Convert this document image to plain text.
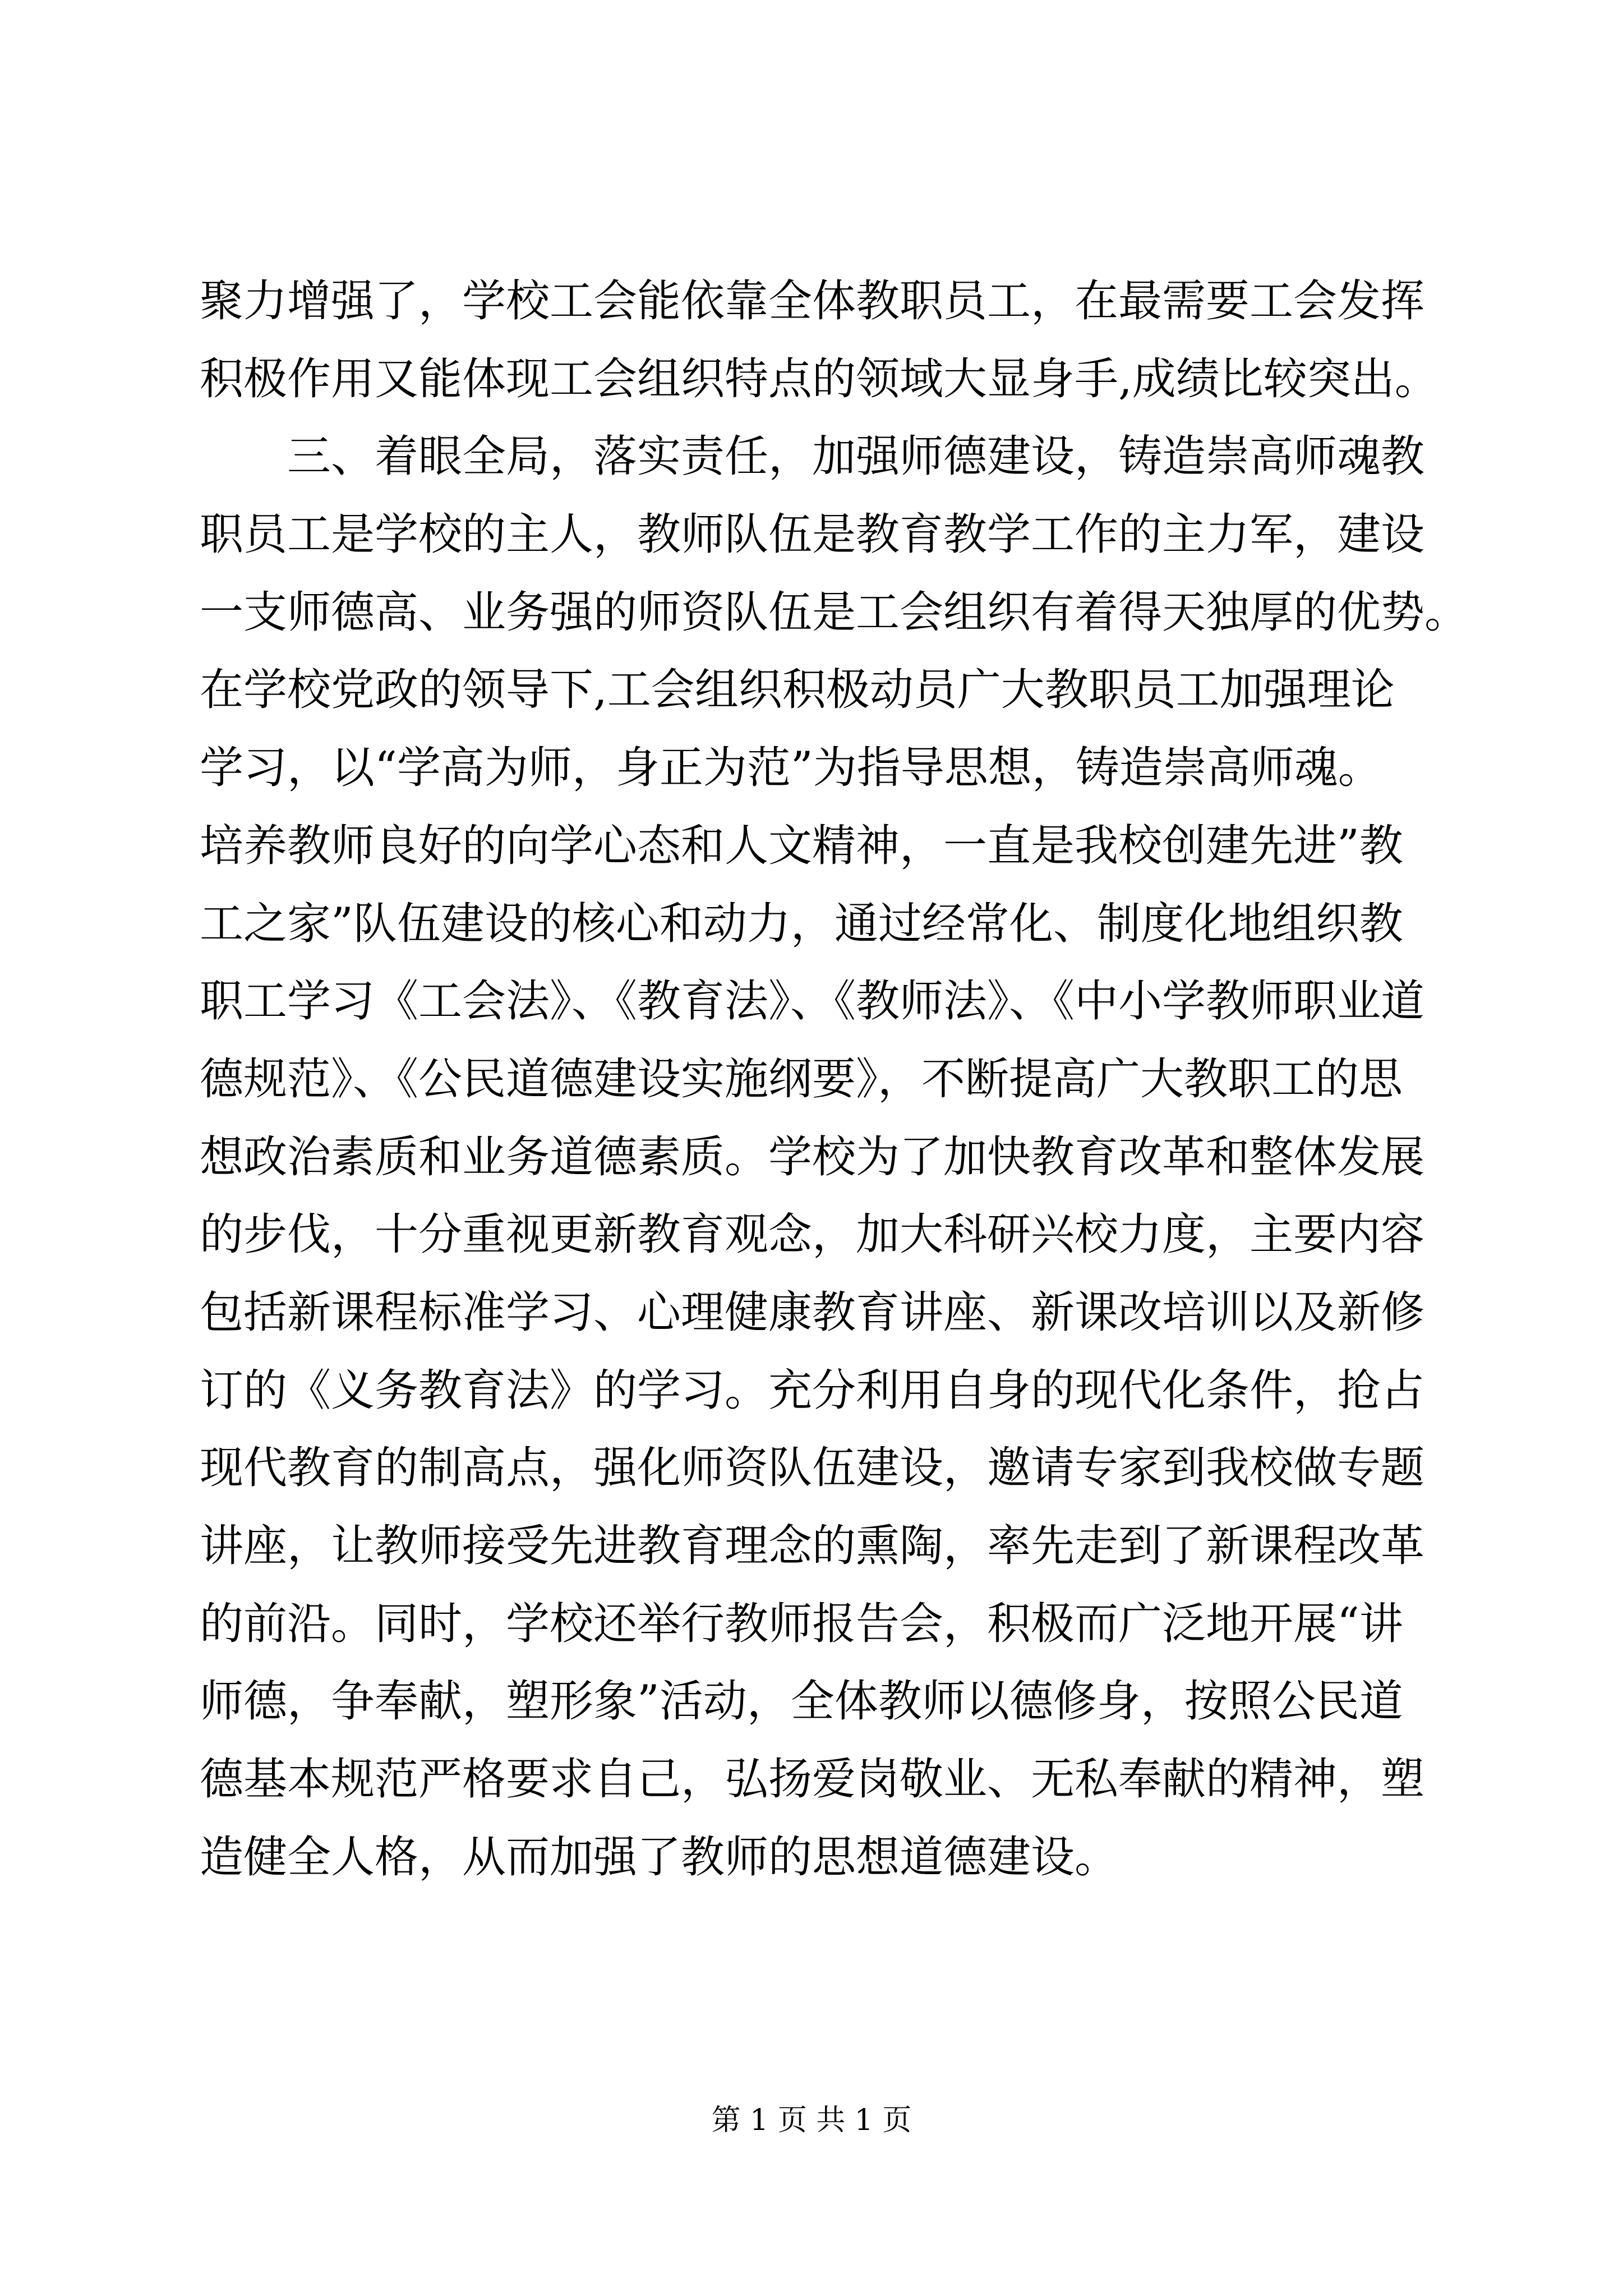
聚力增强了，学校工会能依靠全体教职员工，在最需要工会发挥
积极作用又能体现工会组织特点的领域大显身手,成绩比较突出。
　　三、着眼全局，落实责任，加强师德建设，铸造崇高师魂教
职员工是学校的主人，教师队伍是教育教学工作的主力军，建设
一支师德高、业务强的师资队伍是工会组织有着得天独厚的优势。
在学校党政的领导下,工会组织积极动员广大教职员工加强理论
学习，以“学高为师，身正为范”为指导思想，铸造崇高师魂。
培养教师良好的向学心态和人文精神，一直是我校创建先进”教
工之家”队伍建设的核心和动力，通过经常化、制度化地组织教
职工学习《工会法》、《教育法》、《教师法》、《中小学教师职业道
德规范》、《公民道德建设实施纲要》，不断提高广大教职工的思
想政治素质和业务道德素质。学校为了加快教育改革和整体发展
的步伐，十分重视更新教育观念，加大科研兴校力度，主要内容
包括新课程标准学习、心理健康教育讲座、新课改培训以及新修
订的《义务教育法》的学习。充分利用自身的现代化条件，抢占
现代教育的制高点，强化师资队伍建设，邀请专家到我校做专题
讲座，让教师接受先进教育理念的熏陶，率先走到了新课程改革
的前沿。同时，学校还举行教师报告会，积极而广泛地开展“讲
师德，争奉献，塑形象”活动，全体教师以德修身，按照公民道
德基本规范严格要求自己，弘扬爱岗敬业、无私奉献的精神，塑
造健全人格，从而加强了教师的思想道德建设。
第 1 页 共 1 页
